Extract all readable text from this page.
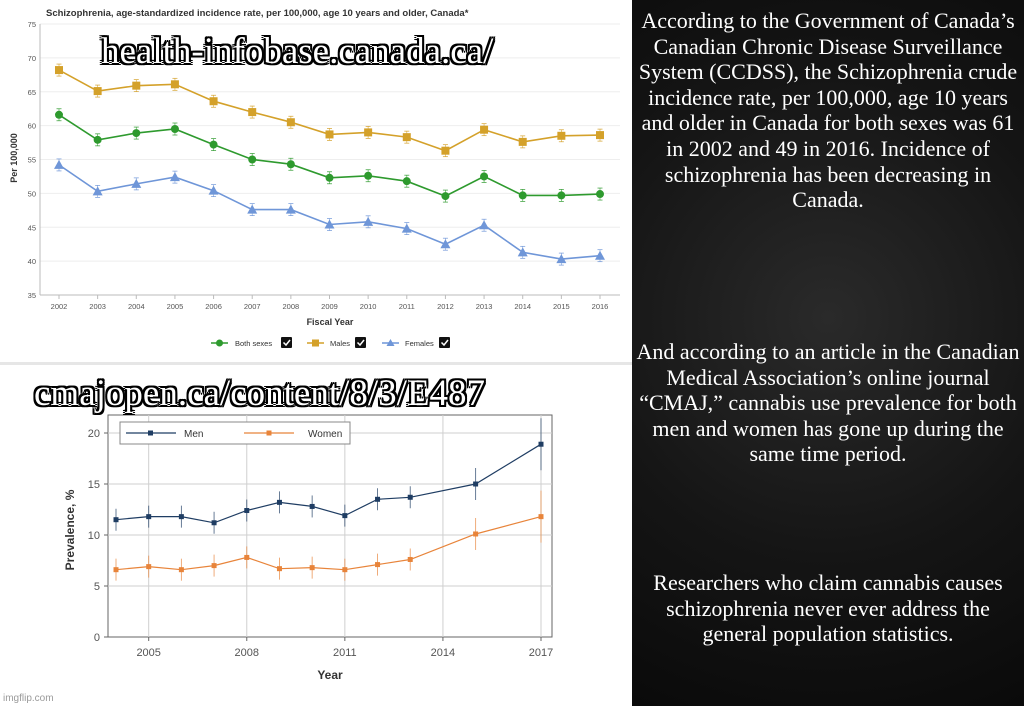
Schizophrenia, age-standardized incidence rate, per 100,000, age 10 years and older, Canada*
Per 100,000
Fiscal Year
35
40
45
50
55
60
65
70
75
2002	2003	2004	2005	2006	2007	2008	2009	2010	2011	2012	2013	2014	2015	2016
Both sexes	Males	Females
Prevalence, %
Year
0
5
10
15
20
2005	2008	2011	2014	2017
Men	Women

According to the Government of Canada’s Canadian Chronic Disease Surveillance System (CCDSS), the Schizophrenia crude incidence rate, per 100,000, age 10 years and older in Canada for both sexes was 61 in 2002 and 49 in 2016. Incidence of schizophrenia has been decreasing in Canada.

And according to an article in the Canadian Medical Association’s online journal “CMAJ,” cannabis use prevalence for both men and women has gone up during the same time period.

Researchers who claim cannabis causes schizophrenia never ever address the general population statistics.

health-infobase.canada.ca/
cmajopen.ca/content/8/3/E487
imgflip.com
